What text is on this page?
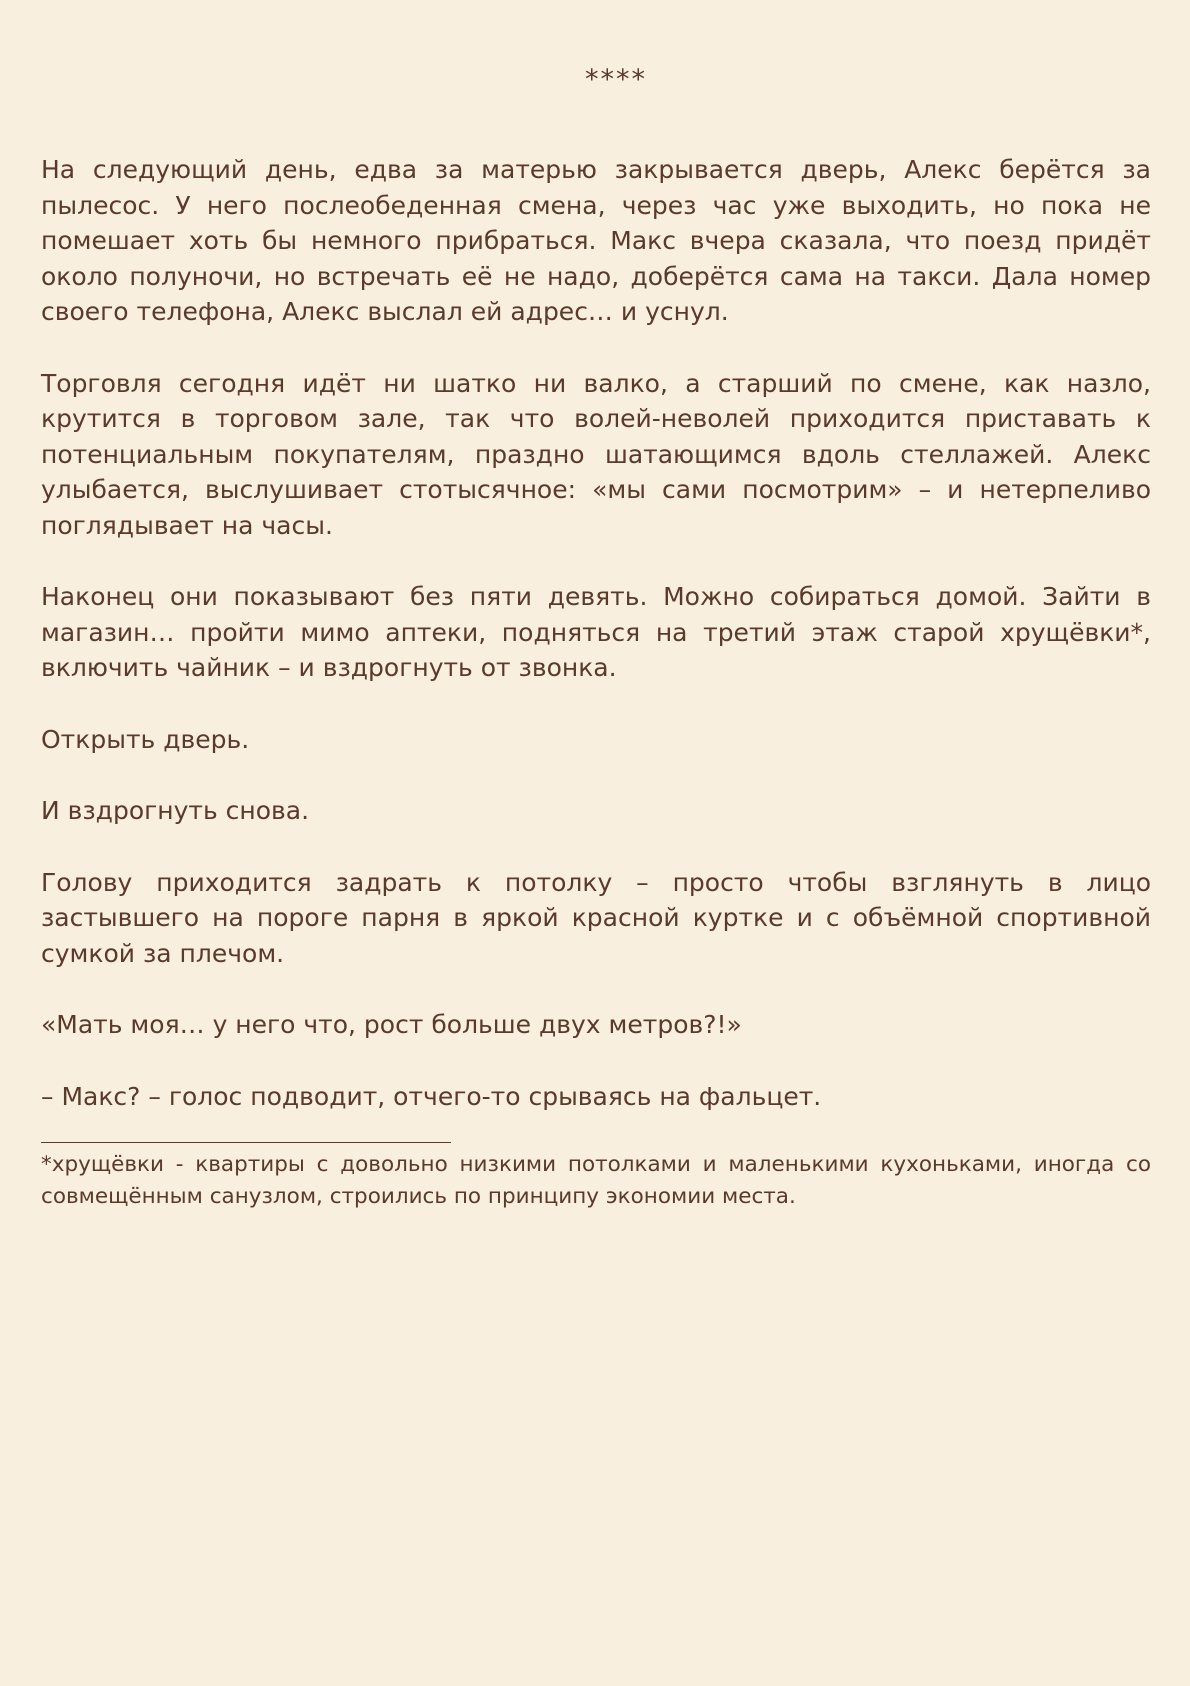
****

На следующий день, едва за матерью закрывается дверь, Алекс берётся за пылесос. У него послеобеденная смена, через час уже выходить, но пока не помешает хоть бы немного прибраться. Макс вчера сказала, что поезд придёт около полуночи, но встречать её не надо, доберётся сама на такси. Дала номер своего телефона, Алекс выслал ей адрес… и уснул.

Торговля сегодня идёт ни шатко ни валко, а старший по смене, как назло, крутится в торговом зале, так что волей-неволей приходится приставать к потенциальным покупателям, праздно шатающимся вдоль стеллажей. Алекс улыбается, выслушивает стотысячное: «мы сами посмотрим» – и нетерпеливо поглядывает на часы.

Наконец они показывают без пяти девять. Можно собираться домой. Зайти в магазин… пройти мимо аптеки, подняться на третий этаж старой хрущёвки*, включить чайник – и вздрогнуть от звонка.

Открыть дверь.

И вздрогнуть снова.

Голову приходится задрать к потолку – просто чтобы взглянуть в лицо застывшего на пороге парня в яркой красной куртке и с объёмной спортивной сумкой за плечом.

«Мать моя… у него что, рост больше двух метров?!»

– Макс? – голос подводит, отчего-то срываясь на фальцет.

*хрущёвки - квартиры с довольно низкими потолками и маленькими кухоньками, иногда со совмещённым санузлом, строились по принципу экономии места.
